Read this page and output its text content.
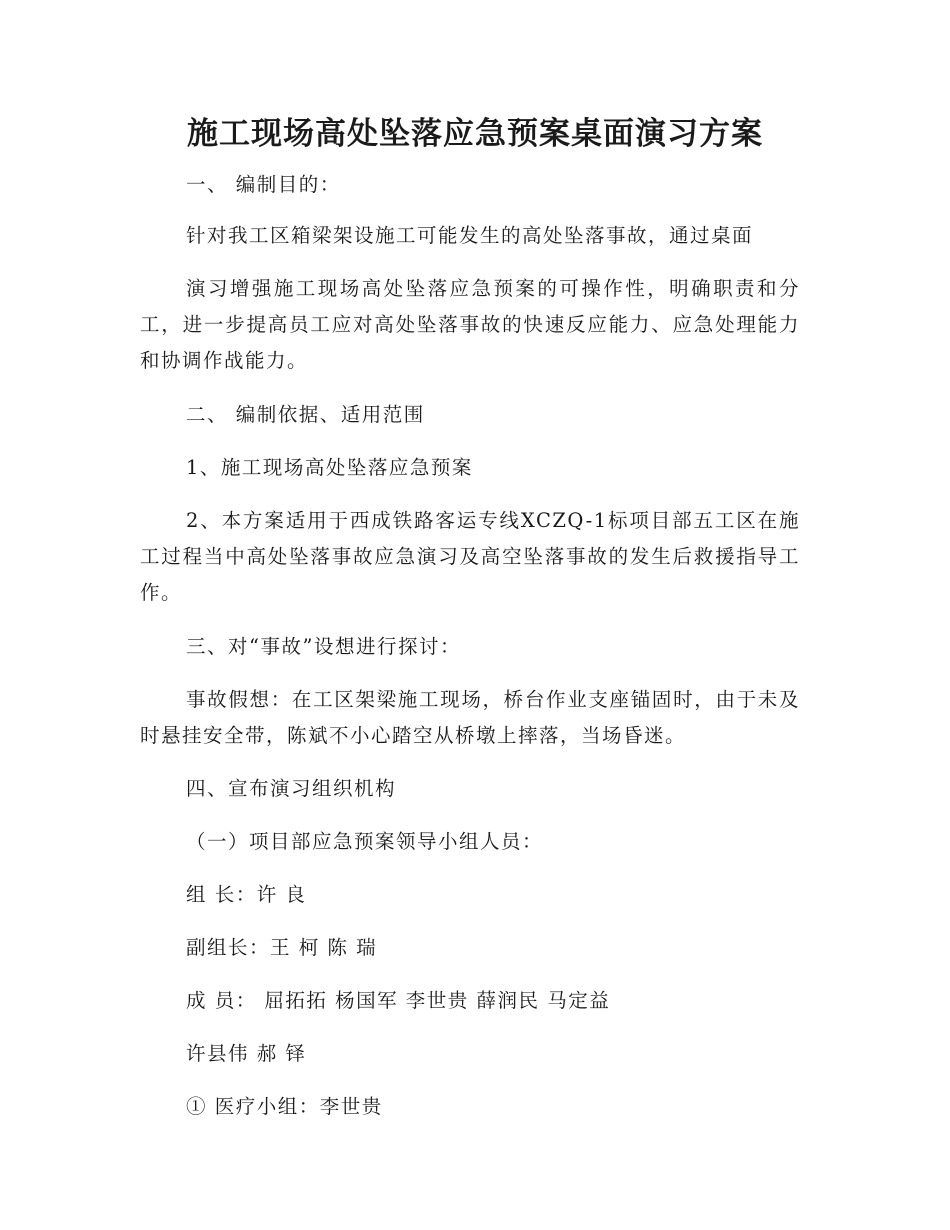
施工现场高处坠落应急预案桌面演习方案

一、 编制目的：

针对我工区箱梁架设施工可能发生的高处坠落事故，通过桌面

演习增强施工现场高处坠落应急预案的可操作性，明确职责和分工，进一步提高员工应对高处坠落事故的快速反应能力、应急处理能力和协调作战能力。

二、 编制依据、适用范围

1、施工现场高处坠落应急预案

2、本方案适用于西成铁路客运专线XCZQ-1标项目部五工区在施工过程当中高处坠落事故应急演习及高空坠落事故的发生后救援指导工作。

三、对“事故”设想进行探讨：

事故假想：在工区架梁施工现场，桥台作业支座锚固时，由于未及时悬挂安全带，陈斌不小心踏空从桥墩上摔落，当场昏迷。

四、宣布演习组织机构

（一）项目部应急预案领导小组人员：

组 长：许 良

副组长：王 柯 陈 瑞

成 员： 屈拓拓 杨国军 李世贵 薛润民 马定益

许县伟 郝 铎

① 医疗小组：李世贵
